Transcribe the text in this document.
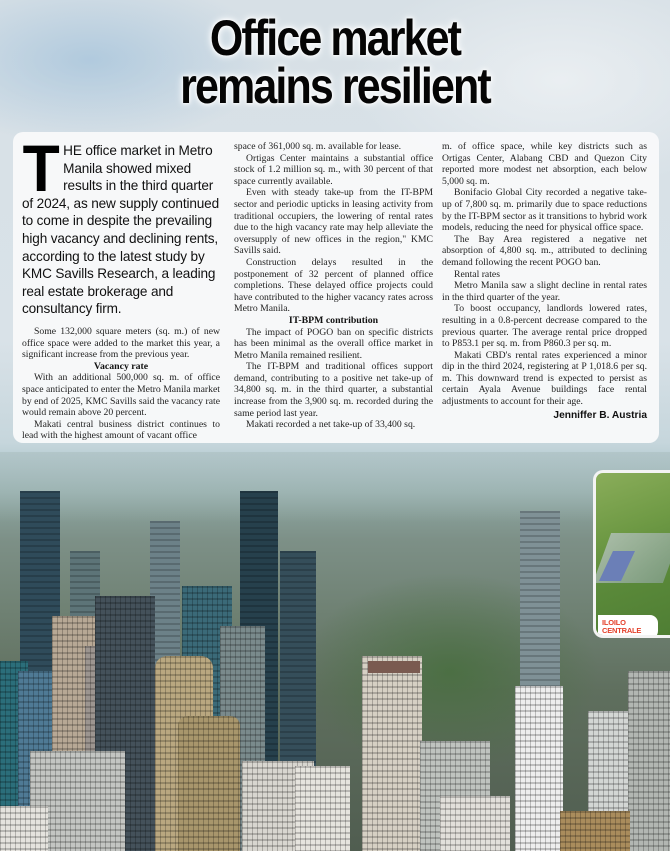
Office market
remains resilient
THE office market in Metro Manila showed mixed results in the third quarter of 2024, as new supply continued to come in despite the prevailing high vacancy and declining rents, according to the latest study by KMC Savills Research, a leading real estate brokerage and consultancy firm.

Some 132,000 square meters (sq. m.) of new office space were added to the market this year, a significant increase from the previous year.

Vacancy rate

With an additional 500,000 sq. m. of office space anticipated to enter the Metro Manila market by end of 2025, KMC Savills said the vacancy rate would remain above 20 percent.

Makati central business district continues to lead with the highest amount of vacant office

space of 361,000 sq. m. available for lease.

Ortigas Center maintains a substantial office stock of 1.2 million sq. m., with 30 percent of that space currently available.

Even with steady take-up from the IT-BPM sector and periodic upticks in leasing activity from traditional occupiers, the lowering of rental rates due to the high vacancy rate may help alleviate the oversupply of new offices in the region," KMC Savills said.

Construction delays resulted in the postponement of 32 percent of planned office completions. These delayed office projects could have contributed to the higher vacancy rates across Metro Manila.

IT-BPM contribution

The impact of POGO ban on specific districts has been minimal as the overall office market in Metro Manila remained resilient.

The IT-BPM and traditional offices support demand, contributing to a positive net take-up of 34,800 sq. m. in the third quarter, a substantial increase from the 3,900 sq. m. recorded during the same period last year.

Makati recorded a net take-up of 33,400 sq.

m. of office space, while key districts such as Ortigas Center, Alabang CBD and Quezon City reported more modest net absorption, each below 5,000 sq. m.

Bonifacio Global City recorded a negative take-up of 7,800 sq. m. primarily due to space reductions by the IT-BPM sector as it transitions to hybrid work models, reducing the need for physical office space.

The Bay Area registered a negative net absorption of 4,800 sq. m., attributed to declining demand following the recent POGO ban.

Rental rates

Metro Manila saw a slight decline in rental rates in the third quarter of the year.

To boost occupancy, landlords lowered rates, resulting in a 0.8-percent decrease compared to the previous quarter. The average rental price dropped to P853.1 per sq. m. from P860.3 per sq. m.

Makati CBD's rental rates experienced a minor dip in the third 2024, registering at P 1,018.6 per sq. m. This downward trend is expected to persist as certain Ayala Avenue buildings face rental adjustments to account for their age.

Jenniffer B. Austria
ILOILO
CENTRALE
MEGAWORLD
